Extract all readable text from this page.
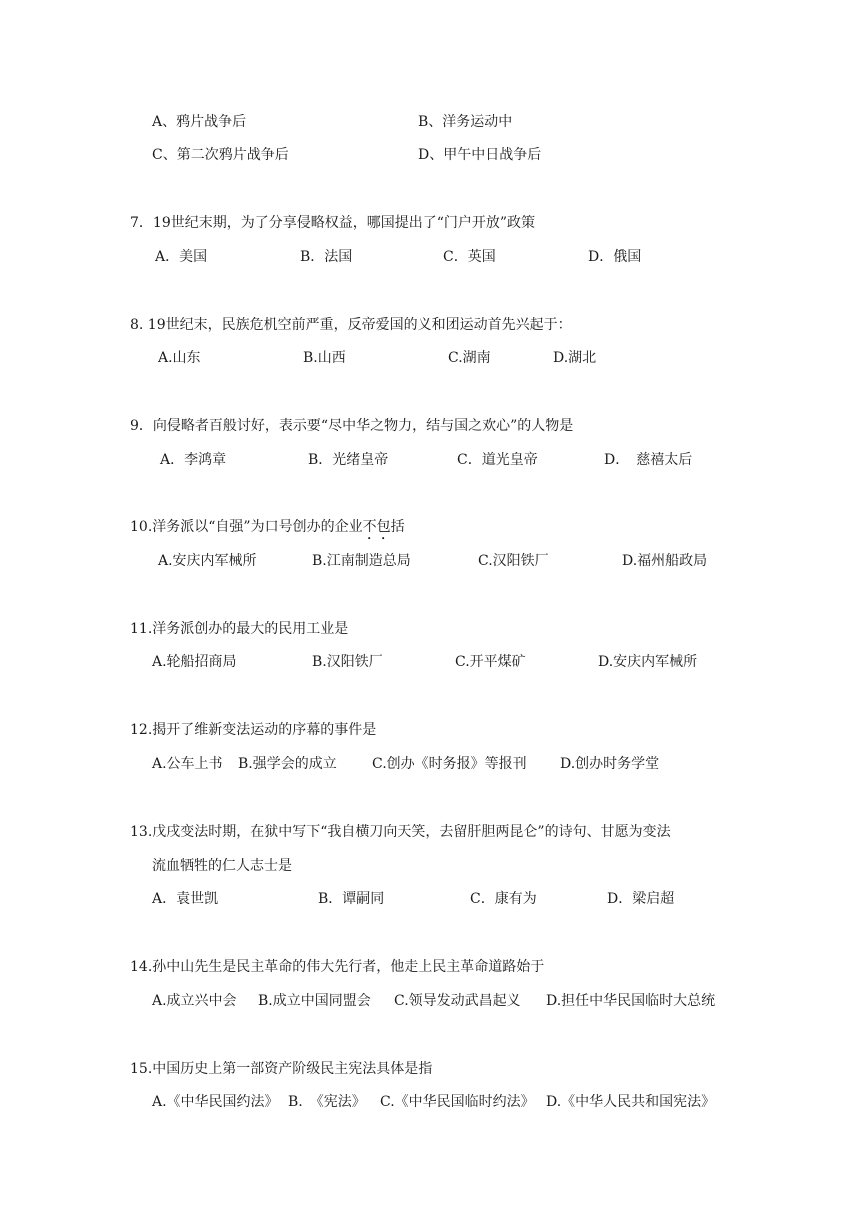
A、鸦片战争后	B、洋务运动中
C、第二次鸦片战争后	D、甲午中日战争后
7．19世纪末期，为了分享侵略权益，哪国提出了“门户开放”政策
A．美国	B．法国	C．英国	D．俄国
8. 19世纪末，民族危机空前严重，反帝爱国的义和团运动首先兴起于：
A.山东	B.山西	C.湖南	D.湖北
9．向侵略者百般讨好，表示要“尽中华之物力，结与国之欢心”的人物是
A．李鸿章	B．光绪皇帝	C．道光皇帝	D．　慈禧太后
10.洋务派以“自强”为口号创办的企业不包括
A.安庆内军械所	B.江南制造总局	C.汉阳铁厂	D.福州船政局
11.洋务派创办的最大的民用工业是
A.轮船招商局	B.汉阳铁厂	C.开平煤矿	D.安庆内军械所
12.揭开了维新变法运动的序幕的事件是
A.公车上书 B.强学会的成立	C.创办《时务报》等报刊 D.创办时务学堂
13.戊戌变法时期，在狱中写下“我自横刀向天笑，去留肝胆两昆仑”的诗句、甘愿为变法
流血牺牲的仁人志士是
A．袁世凯	B．谭嗣同	C．康有为	D．梁启超
14.孙中山先生是民主革命的伟大先行者，他走上民主革命道路始于
A.成立兴中会 B.成立中国同盟会 C.领导发动武昌起义 D.担任中华民国临时大总统
15.中国历史上第一部资产阶级民主宪法具体是指
A.《中华民国约法》 B.　《宪法》 C.《中华民国临时约法》 D.《中华人民共和国宪法》
